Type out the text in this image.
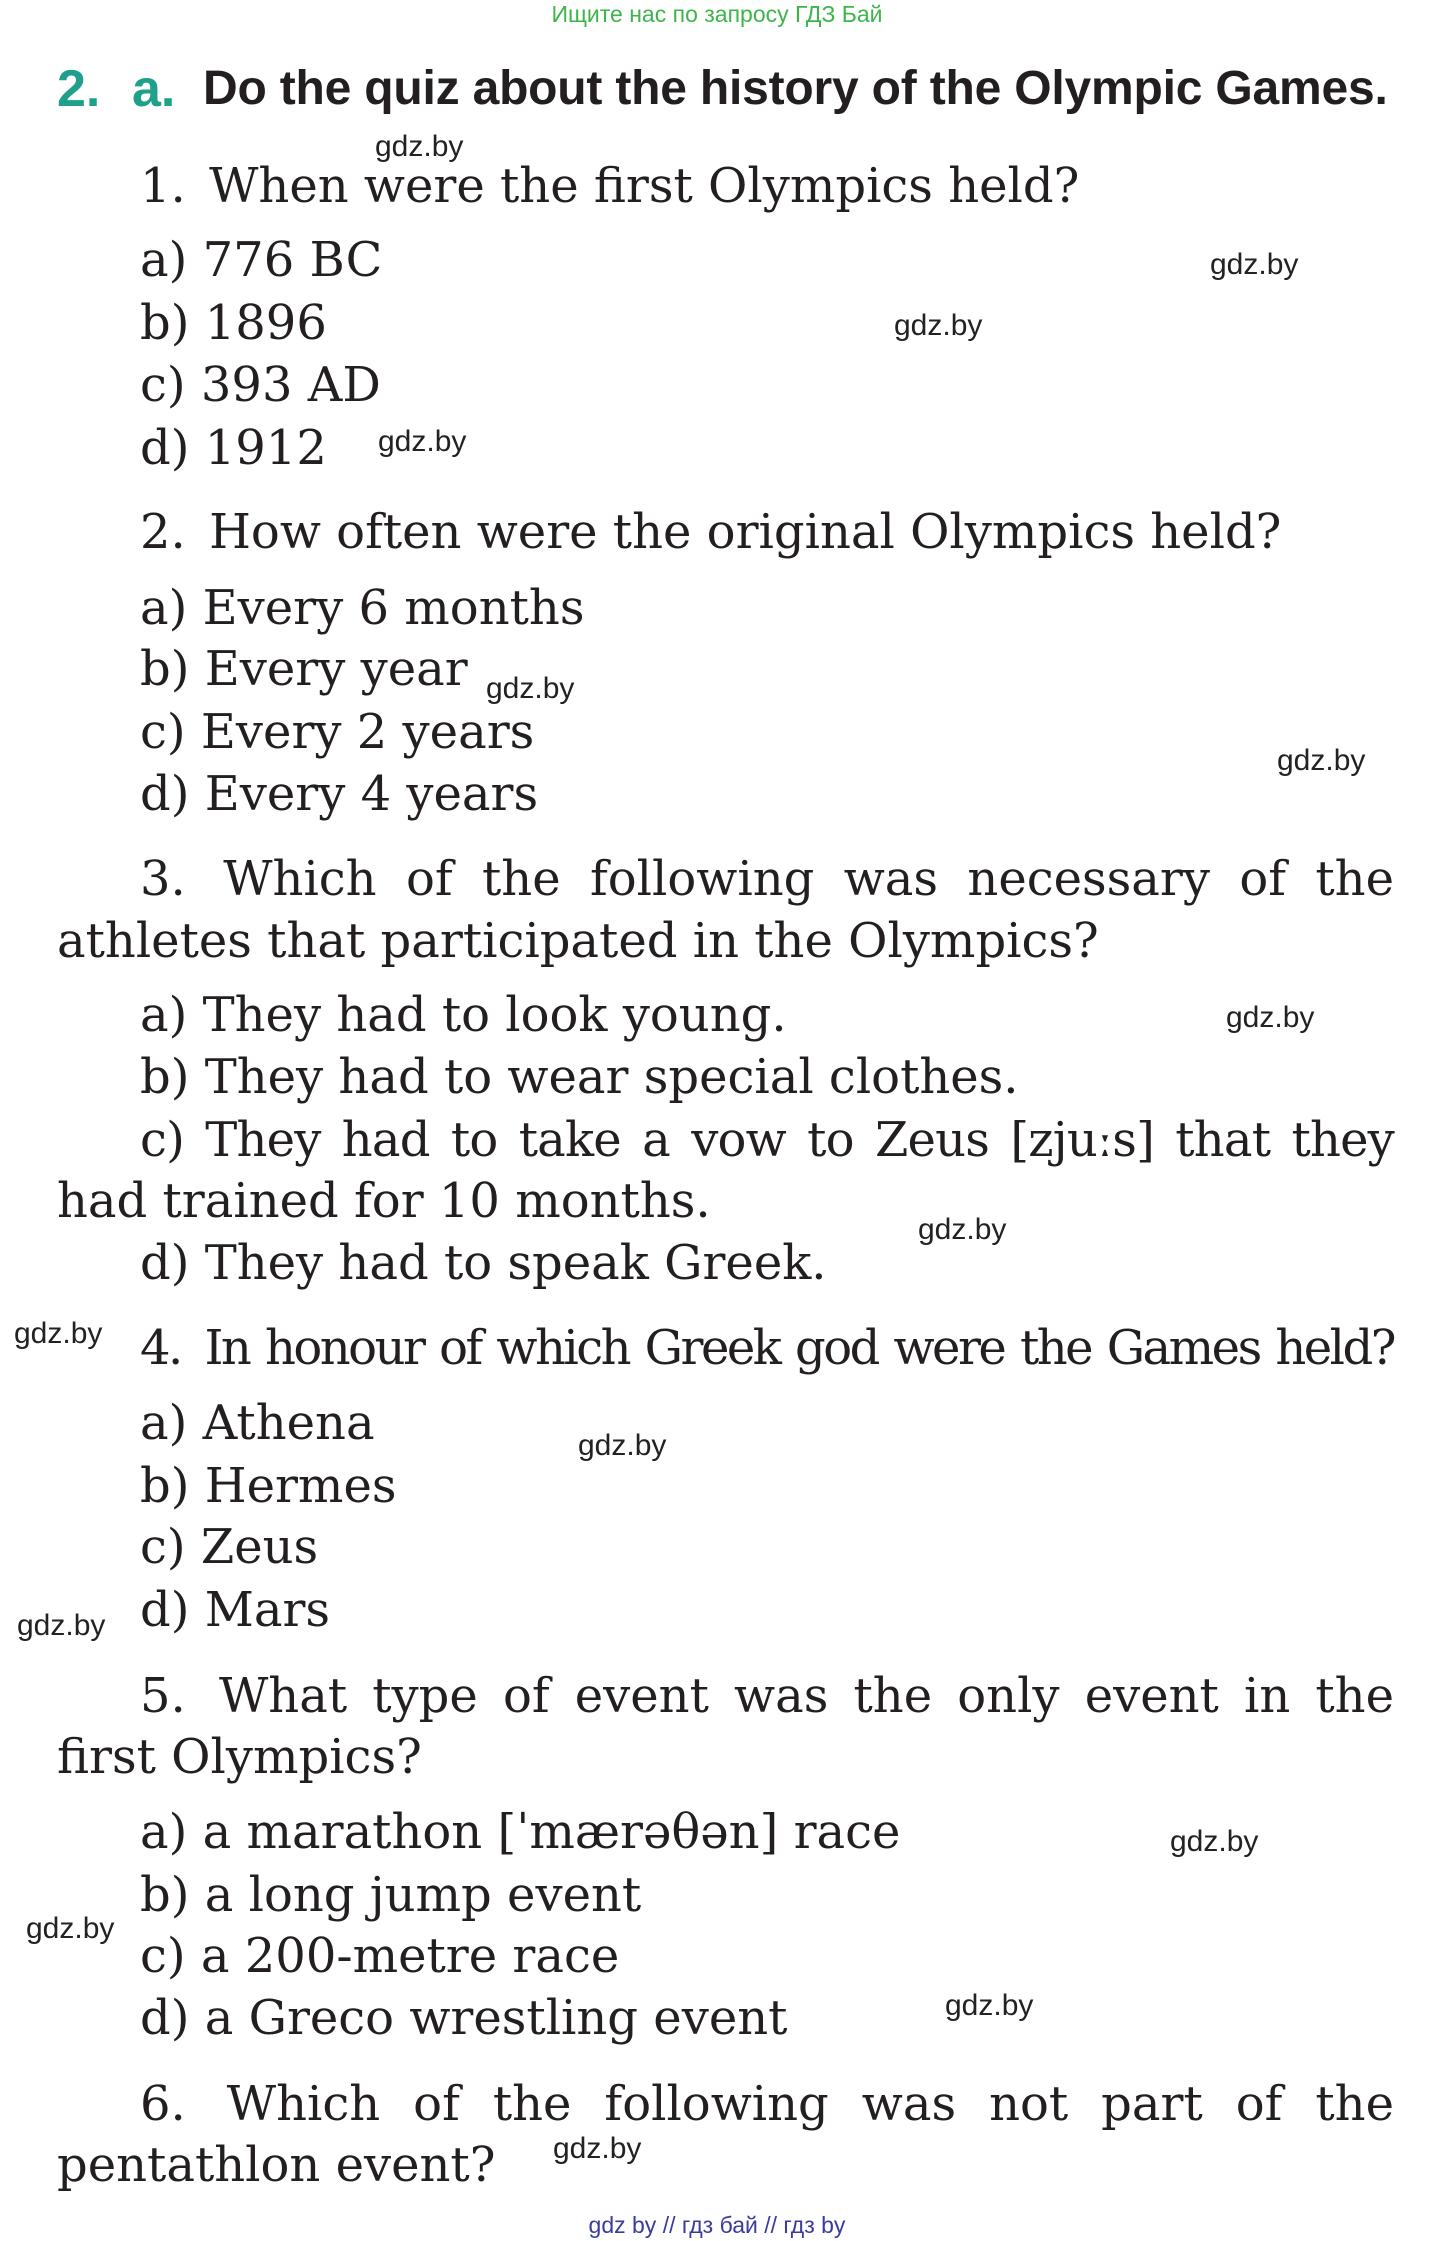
Ищите нас по запросу ГДЗ Бай
2. a. Do the quiz about the history of the Olympic Games.
1. When were the first Olympics held?
a) 776 BC
b) 1896
c) 393 AD
d) 1912
2. How often were the original Olympics held?
a) Every 6 months
b) Every year
c) Every 2 years
d) Every 4 years
3. Which of the following was necessary of the
athletes that participated in the Olympics?
a) They had to look young.
b) They had to wear special clothes.
c) They had to take a vow to Zeus [zjuːs] that they
had trained for 10 months.
d) They had to speak Greek.
4. In honour of which Greek god were the Games held?
a) Athena
b) Hermes
c) Zeus
d) Mars
5. What type of event was the only event in the
first Olympics?
a) a marathon [ˈmærəθən] race
b) a long jump event
c) a 200-metre race
d) a Greco wrestling event
6. Which of the following was not part of the
pentathlon event?
gdz.by
gdz.by
gdz.by
gdz.by
gdz.by
gdz.by
gdz.by
gdz.by
gdz.by
gdz.by
gdz.by
gdz.by
gdz.by
gdz.by
gdz.by
gdz by // гдз бай // гдз by
